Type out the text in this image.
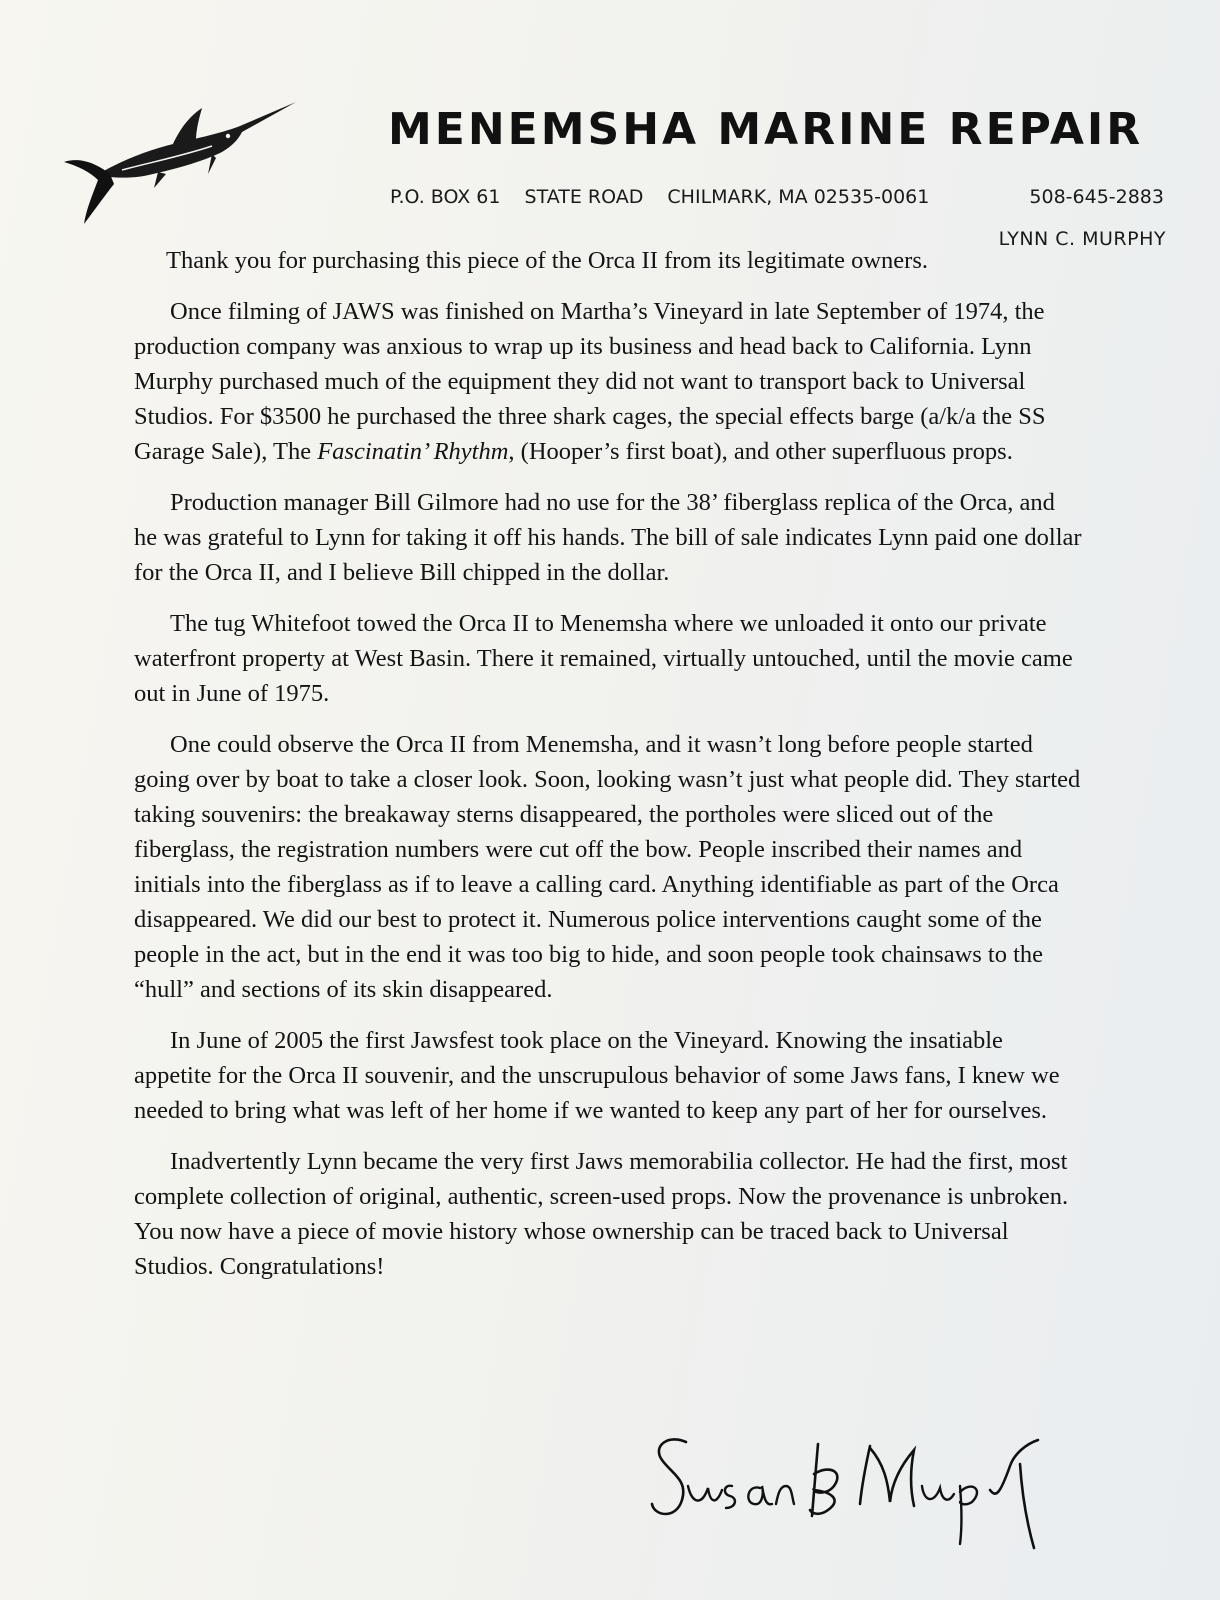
MENEMSHA MARINE REPAIR
P.O. BOX 61 STATE ROAD CHILMARK, MA 02535-0061	508-645-2883
LYNN C. MURPHY

Thank you for purchasing this piece of the Orca II from its legitimate owners.

Once filming of JAWS was finished on Martha’s Vineyard in late September of 1974, the production company was anxious to wrap up its business and head back to California. Lynn Murphy purchased much of the equipment they did not want to transport back to Universal Studios. For $3500 he purchased the three shark cages, the special effects barge (a/k/a the SS Garage Sale), The Fascinatin’ Rhythm, (Hooper’s first boat), and other superfluous props.

Production manager Bill Gilmore had no use for the 38’ fiberglass replica of the Orca, and he was grateful to Lynn for taking it off his hands. The bill of sale indicates Lynn paid one dollar for the Orca II, and I believe Bill chipped in the dollar.

The tug Whitefoot towed the Orca II to Menemsha where we unloaded it onto our private waterfront property at West Basin. There it remained, virtually untouched, until the movie came out in June of 1975.

One could observe the Orca II from Menemsha, and it wasn’t long before people started going over by boat to take a closer look. Soon, looking wasn’t just what people did. They started taking souvenirs: the breakaway sterns disappeared, the portholes were sliced out of the fiberglass, the registration numbers were cut off the bow. People inscribed their names and initials into the fiberglass as if to leave a calling card. Anything identifiable as part of the Orca disappeared. We did our best to protect it. Numerous police interventions caught some of the people in the act, but in the end it was too big to hide, and soon people took chainsaws to the “hull” and sections of its skin disappeared.

In June of 2005 the first Jawsfest took place on the Vineyard. Knowing the insatiable appetite for the Orca II souvenir, and the unscrupulous behavior of some Jaws fans, I knew we needed to bring what was left of her home if we wanted to keep any part of her for ourselves.

Inadvertently Lynn became the very first Jaws memorabilia collector. He had the first, most complete collection of original, authentic, screen-used props. Now the provenance is unbroken. You now have a piece of movie history whose ownership can be traced back to Universal Studios. Congratulations!
